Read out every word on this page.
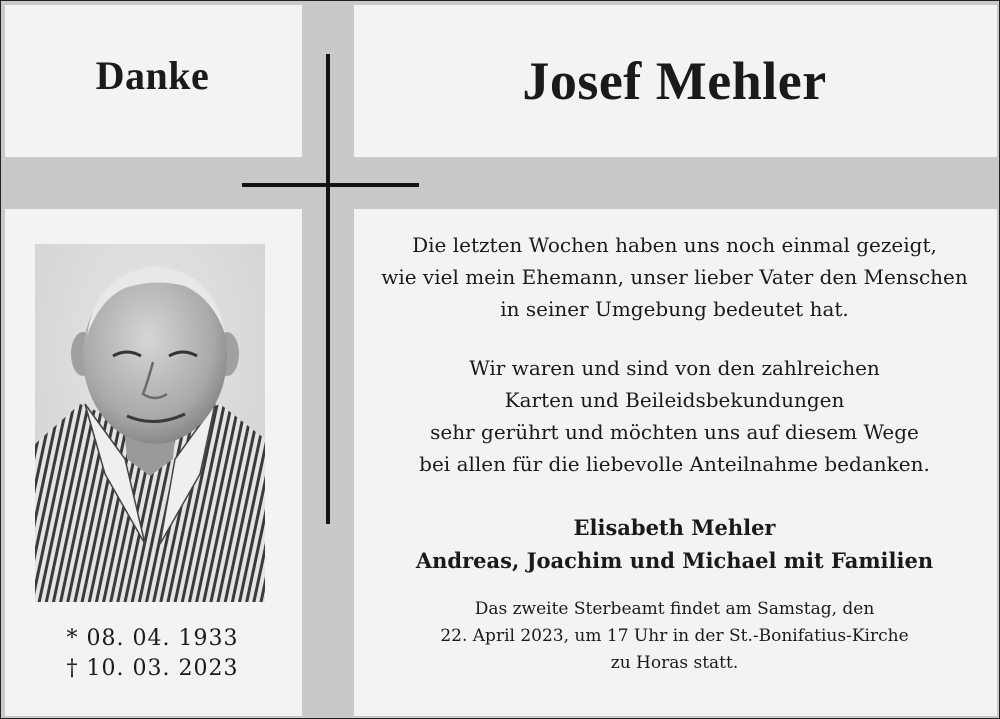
Danke	Josef Mehler
* 08. 04. 1933
† 10. 03. 2023
Die letzten Wochen haben uns noch einmal gezeigt,
wie viel mein Ehemann, unser lieber Vater den Menschen
in seiner Umgebung bedeutet hat.
Wir waren und sind von den zahlreichen
Karten und Beileidsbekundungen
sehr gerührt und möchten uns auf diesem Wege
bei allen für die liebevolle Anteilnahme bedanken.
Elisabeth Mehler
Andreas, Joachim und Michael mit Familien
Das zweite Sterbeamt findet am Samstag, den
22. April 2023, um 17 Uhr in der St.-Bonifatius-Kirche
zu Horas statt.
